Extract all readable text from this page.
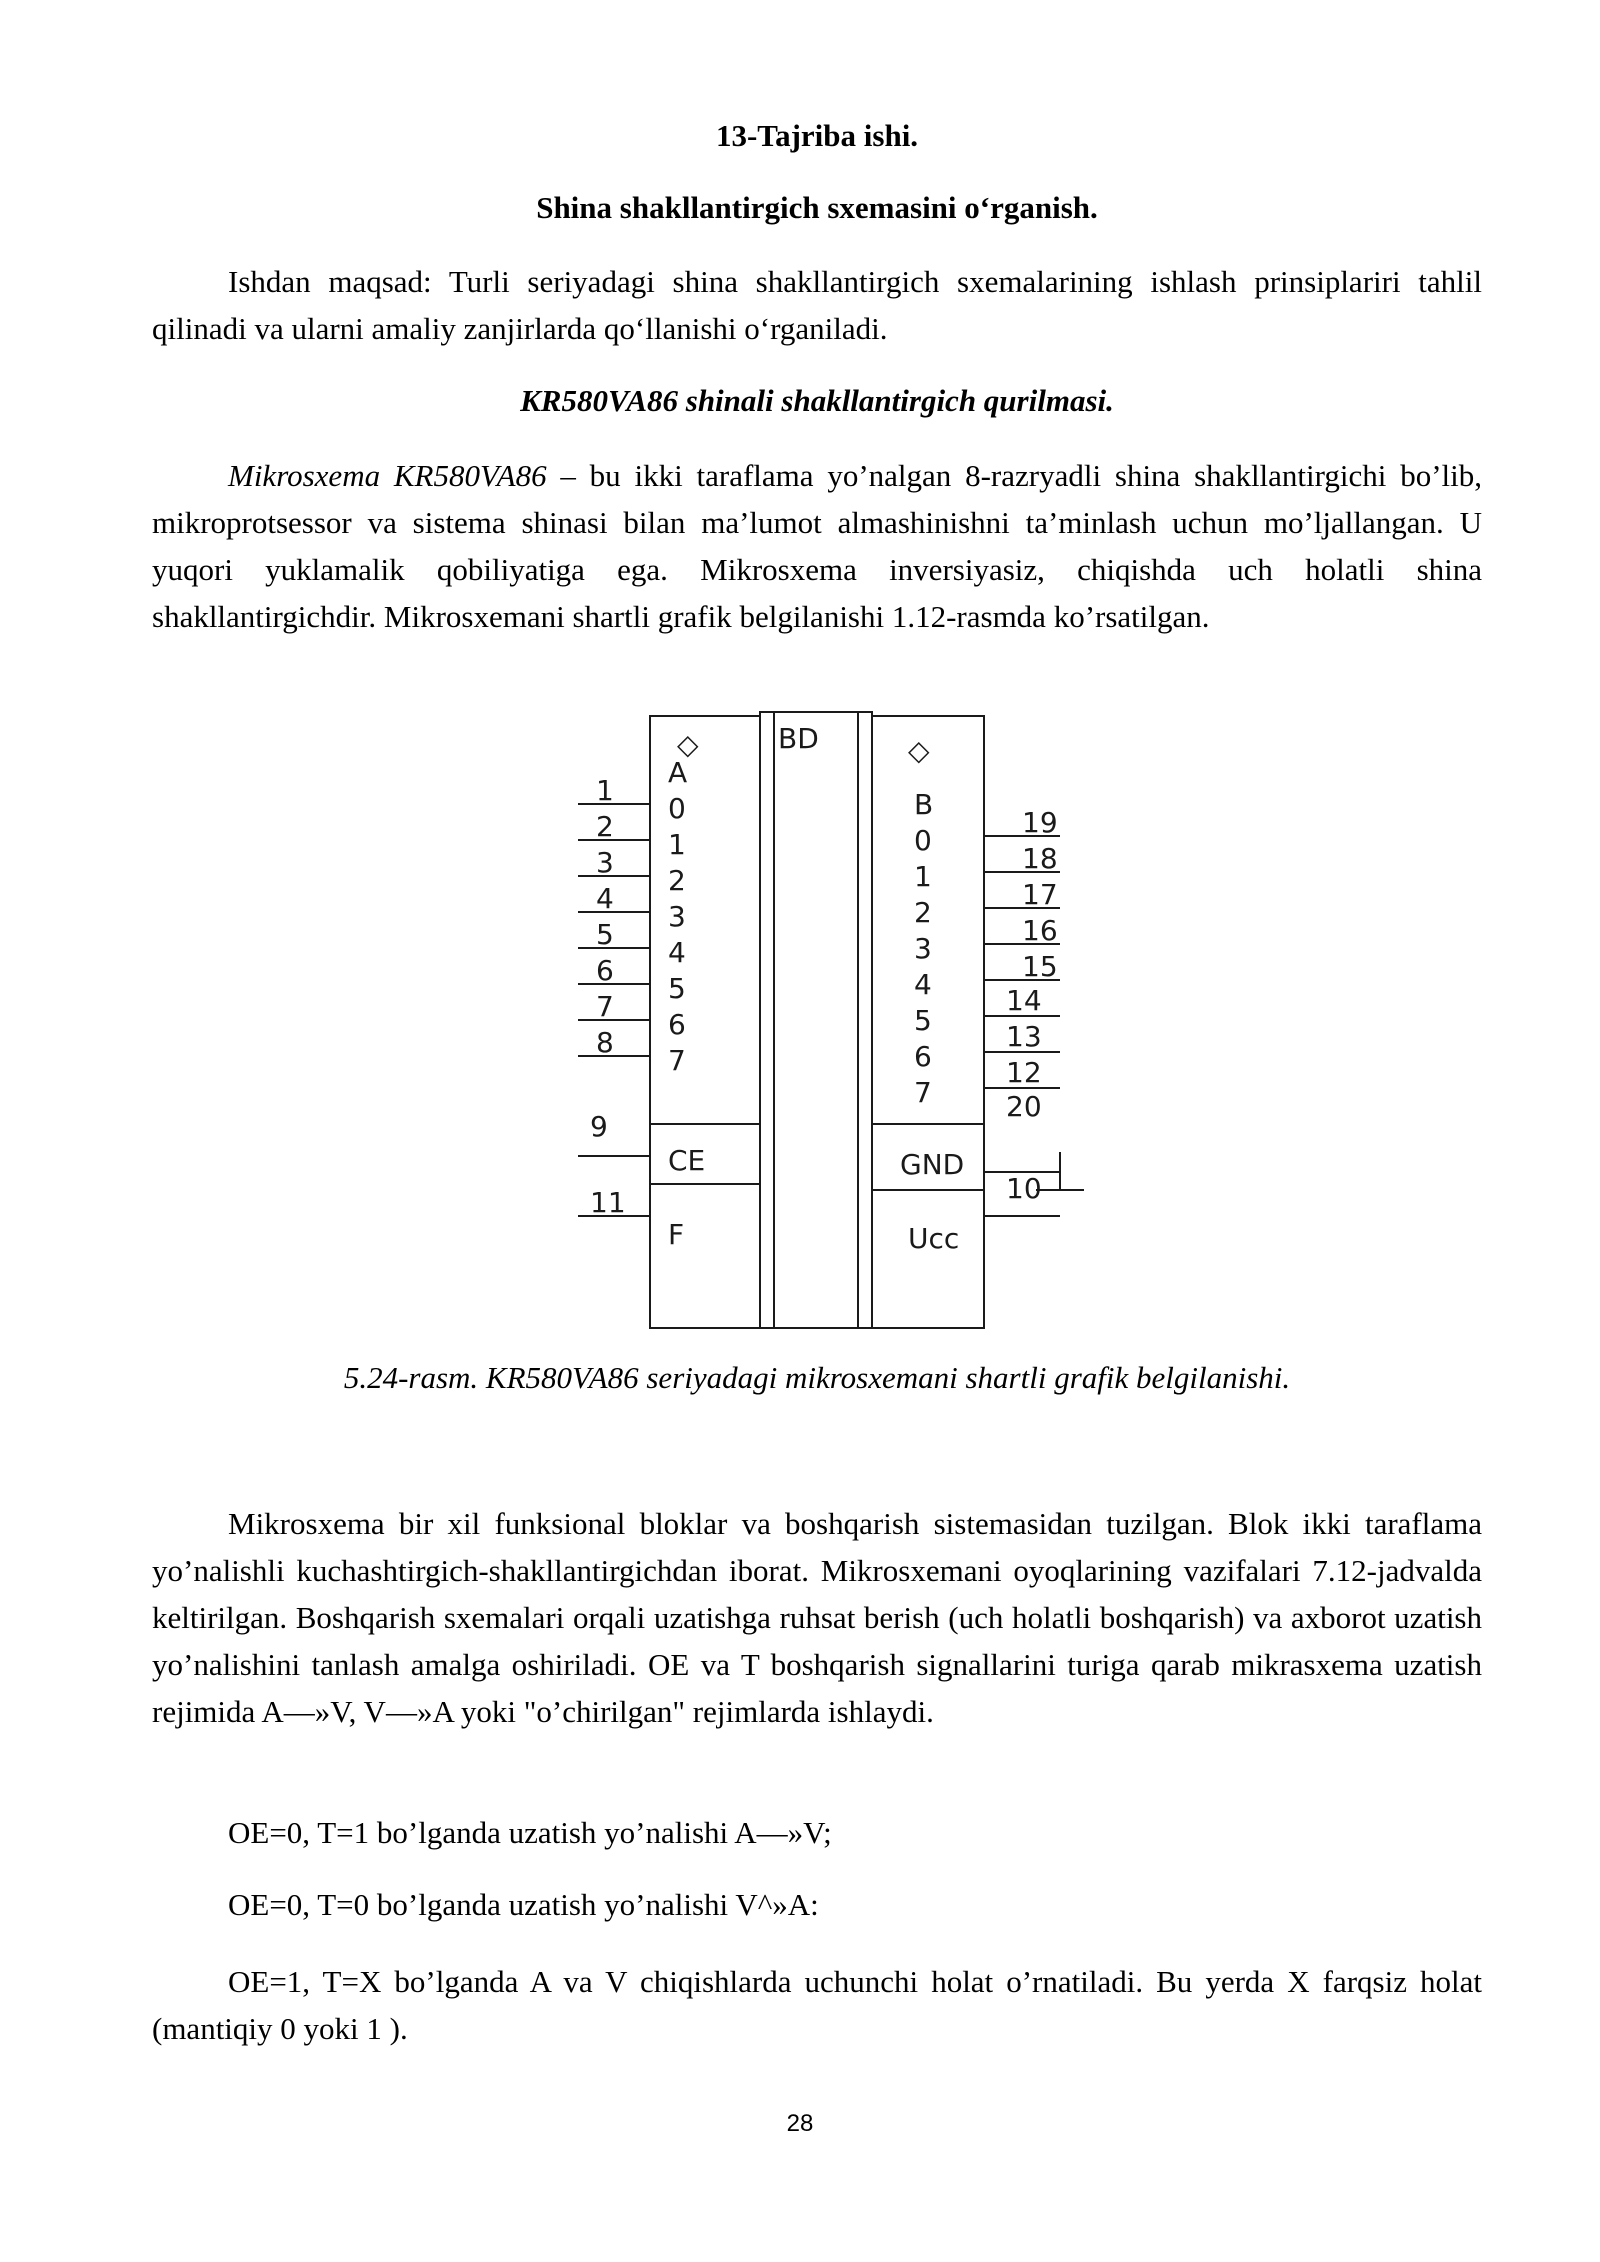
13-Tajriba ishi.
Shina shakllantirgich sxemasini o‘rganish.

Ishdan maqsad: Turli seriyadagi shina shakllantirgich sxemalarining ishlash prinsiplariri tahlil qilinadi va ularni amaliy zanjirlarda qo‘llanishi o‘rganiladi.

KR580VA86 shinali shakllantirgich qurilmasi.

Mikrosxema KR580VA86 – bu ikki taraflama yo’nalgan 8-razryadli shina shakllantirgichi bo’lib, mikroprotsessor va sistema shinasi bilan ma’lumot almashinishni ta’minlash uchun mo’ljallangan. U yuqori yuklamalik qobiliyatiga ega. Mikrosxema inversiyasiz, chiqishda uch holatli shina shakllantirgichdir. Mikrosxemani shartli grafik belgilanishi 1.12-rasmda ko’rsatilgan.

BD
◇
A
0
1
2
3
4
5
6
7
CE
F
◇
B
0
1
2
3
4
5
6
7
GND
Ucc
1
2
3
4
5
6
7
8
9
11
19
18
17
16
15
14
13
12
20
10
5.24-rasm. KR580VA86 seriyadagi mikrosxemani shartli grafik belgilanishi.

Mikrosxema bir xil funksional bloklar va boshqarish sistemasidan tuzilgan. Blok ikki taraflama yo’nalishli kuchashtirgich-shakllantirgichdan iborat. Mikrosxemani oyoqlarining vazifalari 7.12-jadvalda keltirilgan. Boshqarish sxemalari orqali uzatishga ruhsat berish (uch holatli boshqarish) va axborot uzatish yo’nalishini tanlash amalga oshiriladi. OE va T boshqarish signallarini turiga qarab mikrasxema uzatish rejimida A—»V, V—»A yoki "o’chirilgan" rejimlarda ishlaydi.

OE=0, T=1 bo’lganda uzatish yo’nalishi A—»V;
OE=0, T=0 bo’lganda uzatish yo’nalishi V^»A:

OE=1, T=X bo’lganda A va V chiqishlarda uchunchi holat o’rnatiladi. Bu yerda X farqsiz holat (mantiqiy 0 yoki 1 ).

28
